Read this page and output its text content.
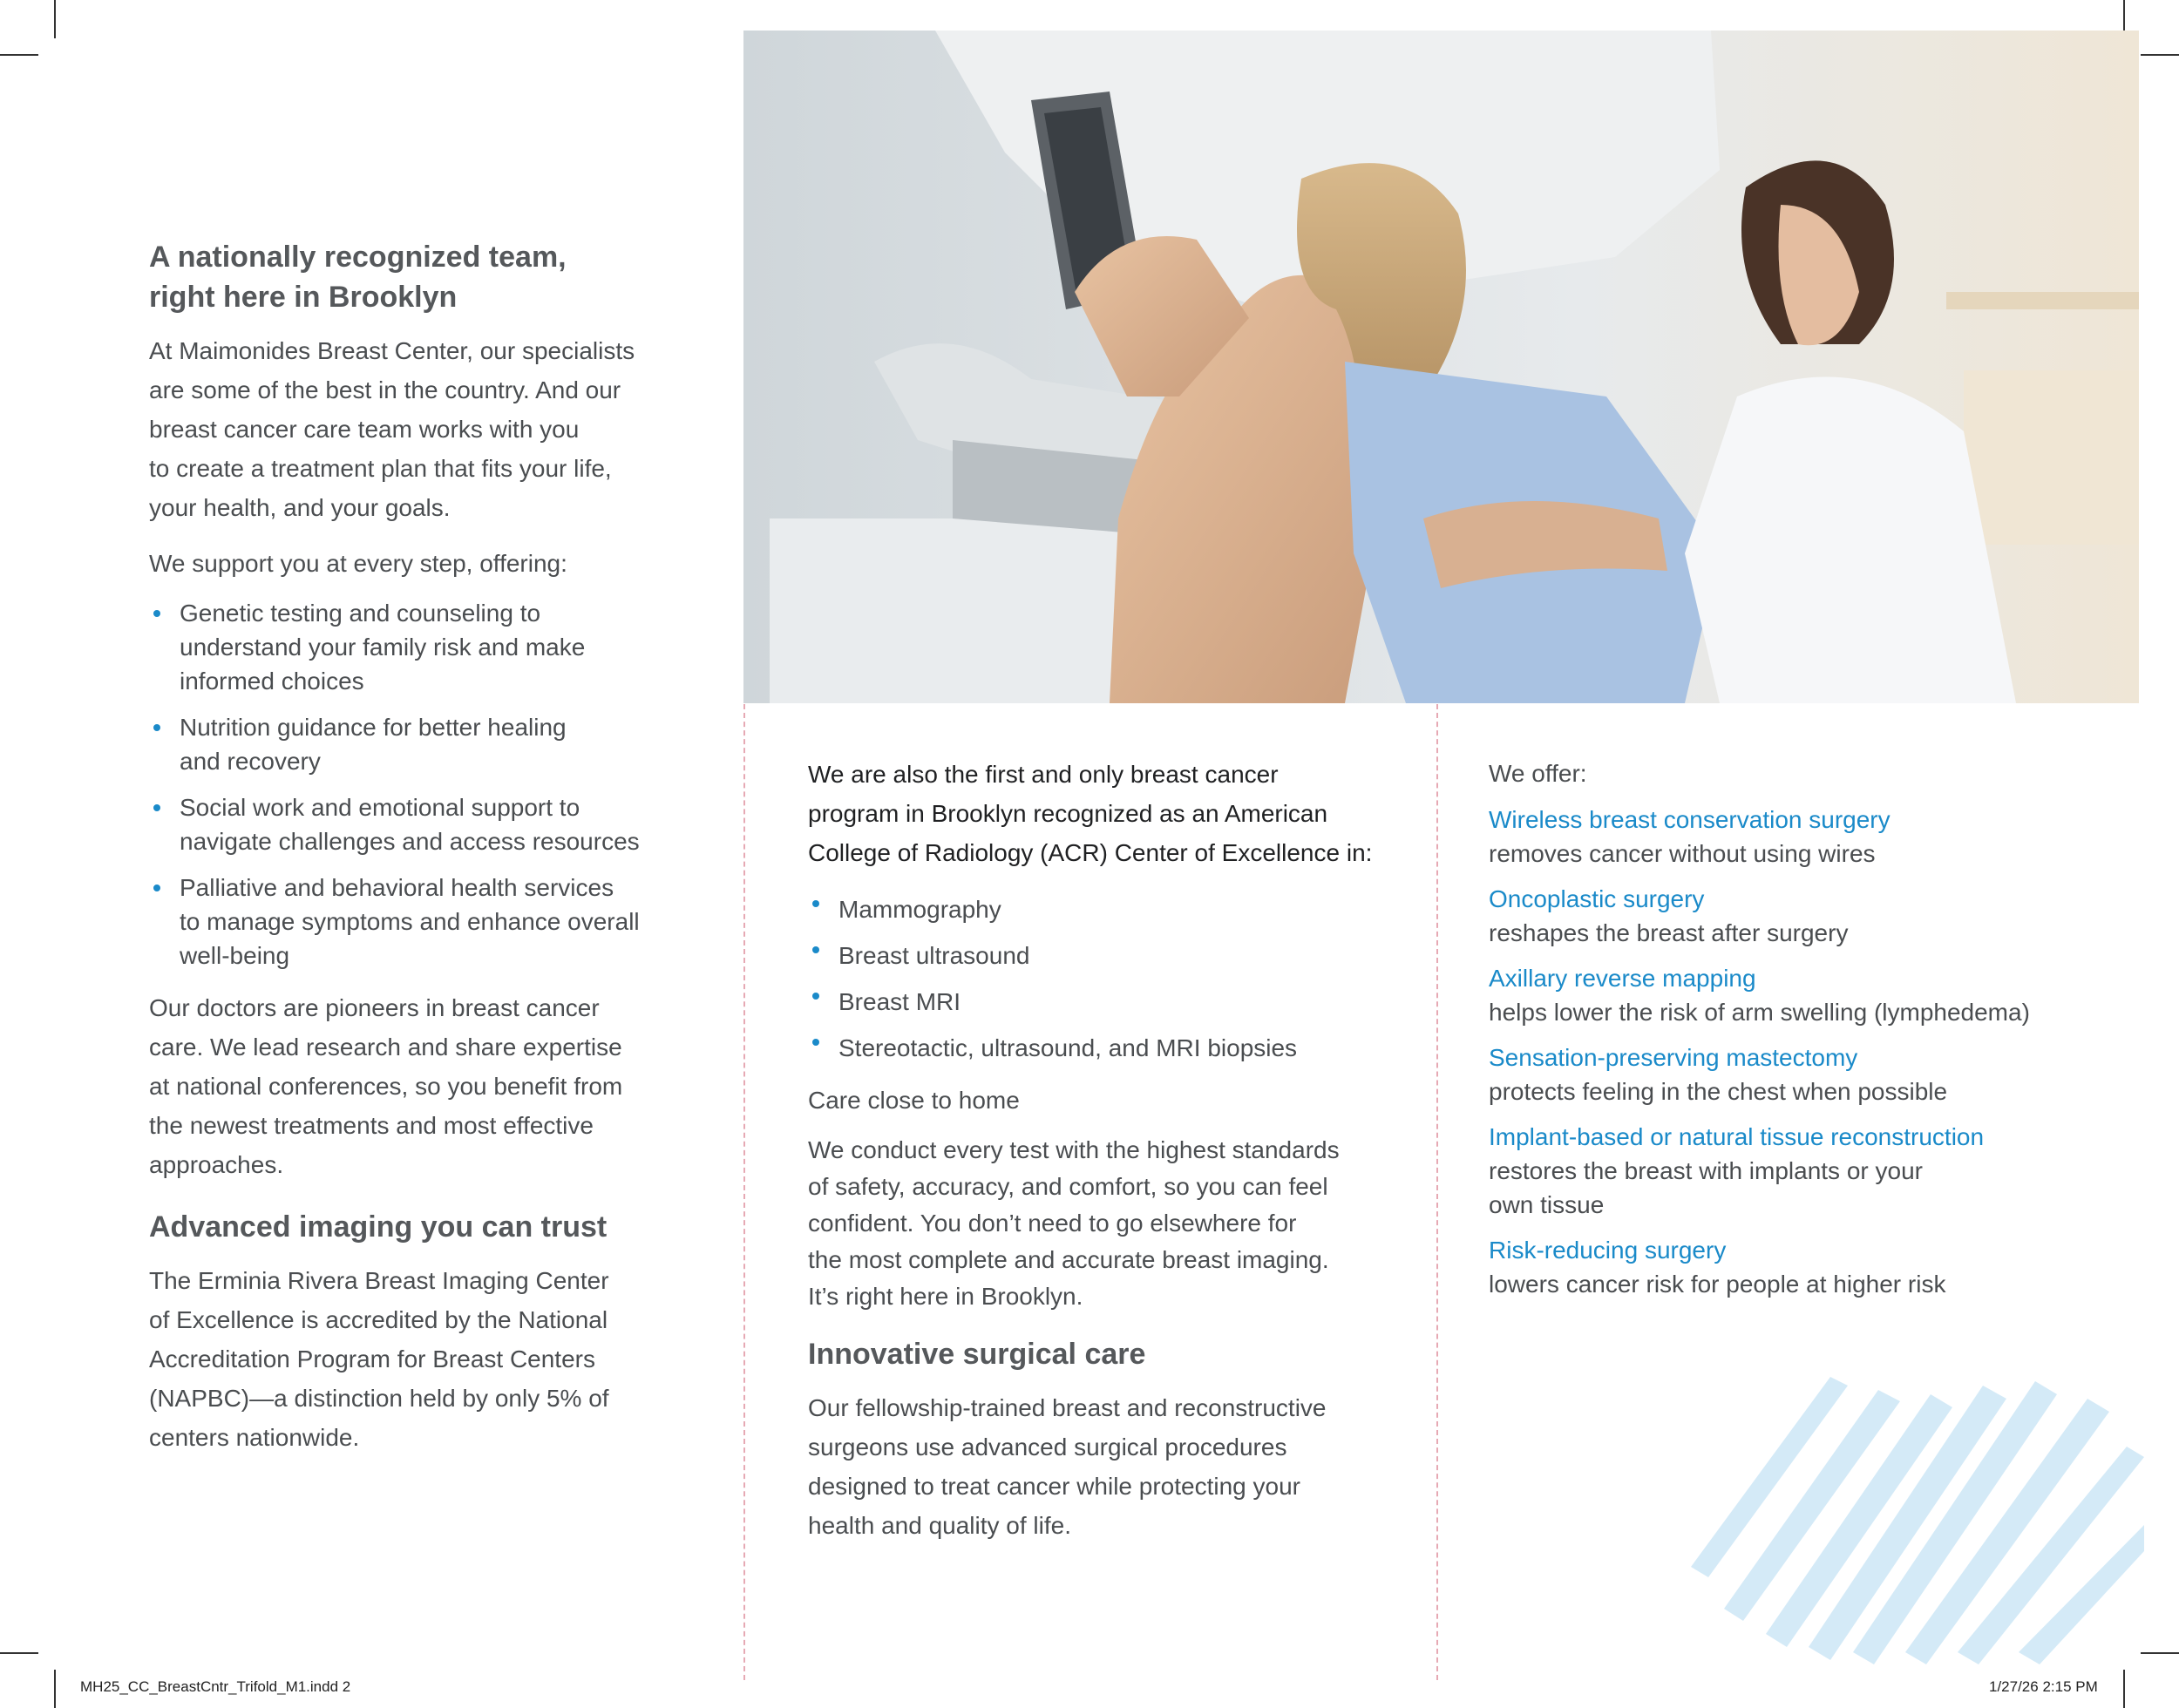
A nationally recognized team,
right here in Brooklyn

At Maimonides Breast Center, our specialists
are some of the best in the country. And our
breast cancer care team works with you
to create a treatment plan that fits your life,
your health, and your goals.

We support you at every step, offering:

Genetic testing and counseling to
understand your family risk and make
informed choices
Nutrition guidance for better healing
and recovery
Social work and emotional support to
navigate challenges and access resources
Palliative and behavioral health services
to manage symptoms and enhance overall
well-being

Our doctors are pioneers in breast cancer
care. We lead research and share expertise
at national conferences, so you benefit from
the newest treatments and most effective
approaches.

Advanced imaging you can trust

The Erminia Rivera Breast Imaging Center
of Excellence is accredited by the National
Accreditation Program for Breast Centers
(NAPBC)—a distinction held by only 5% of
centers nationwide.

We are also the first and only breast cancer
program in Brooklyn recognized as an American
College of Radiology (ACR) Center of Excellence in:

Mammography
Breast ultrasound
Breast MRI
Stereotactic, ultrasound, and MRI biopsies

Care close to home

We conduct every test with the highest standards
of safety, accuracy, and comfort, so you can feel
confident. You don’t need to go elsewhere for
the most complete and accurate breast imaging.
It’s right here in Brooklyn.

Innovative surgical care

Our fellowship-trained breast and reconstructive
surgeons use advanced surgical procedures
designed to treat cancer while protecting your
health and quality of life.

We offer:

Wireless breast conservation surgery

removes cancer without using wires

Oncoplastic surgery

reshapes the breast after surgery

Axillary reverse mapping

helps lower the risk of arm swelling (lymphedema)

Sensation-preserving mastectomy

protects feeling in the chest when possible

Implant-based or natural tissue reconstruction

restores the breast with implants or your
own tissue

Risk-reducing surgery

lowers cancer risk for people at higher risk

MH25_CC_BreastCntr_Trifold_M1.indd 2	1/27/26 2:15 PM
